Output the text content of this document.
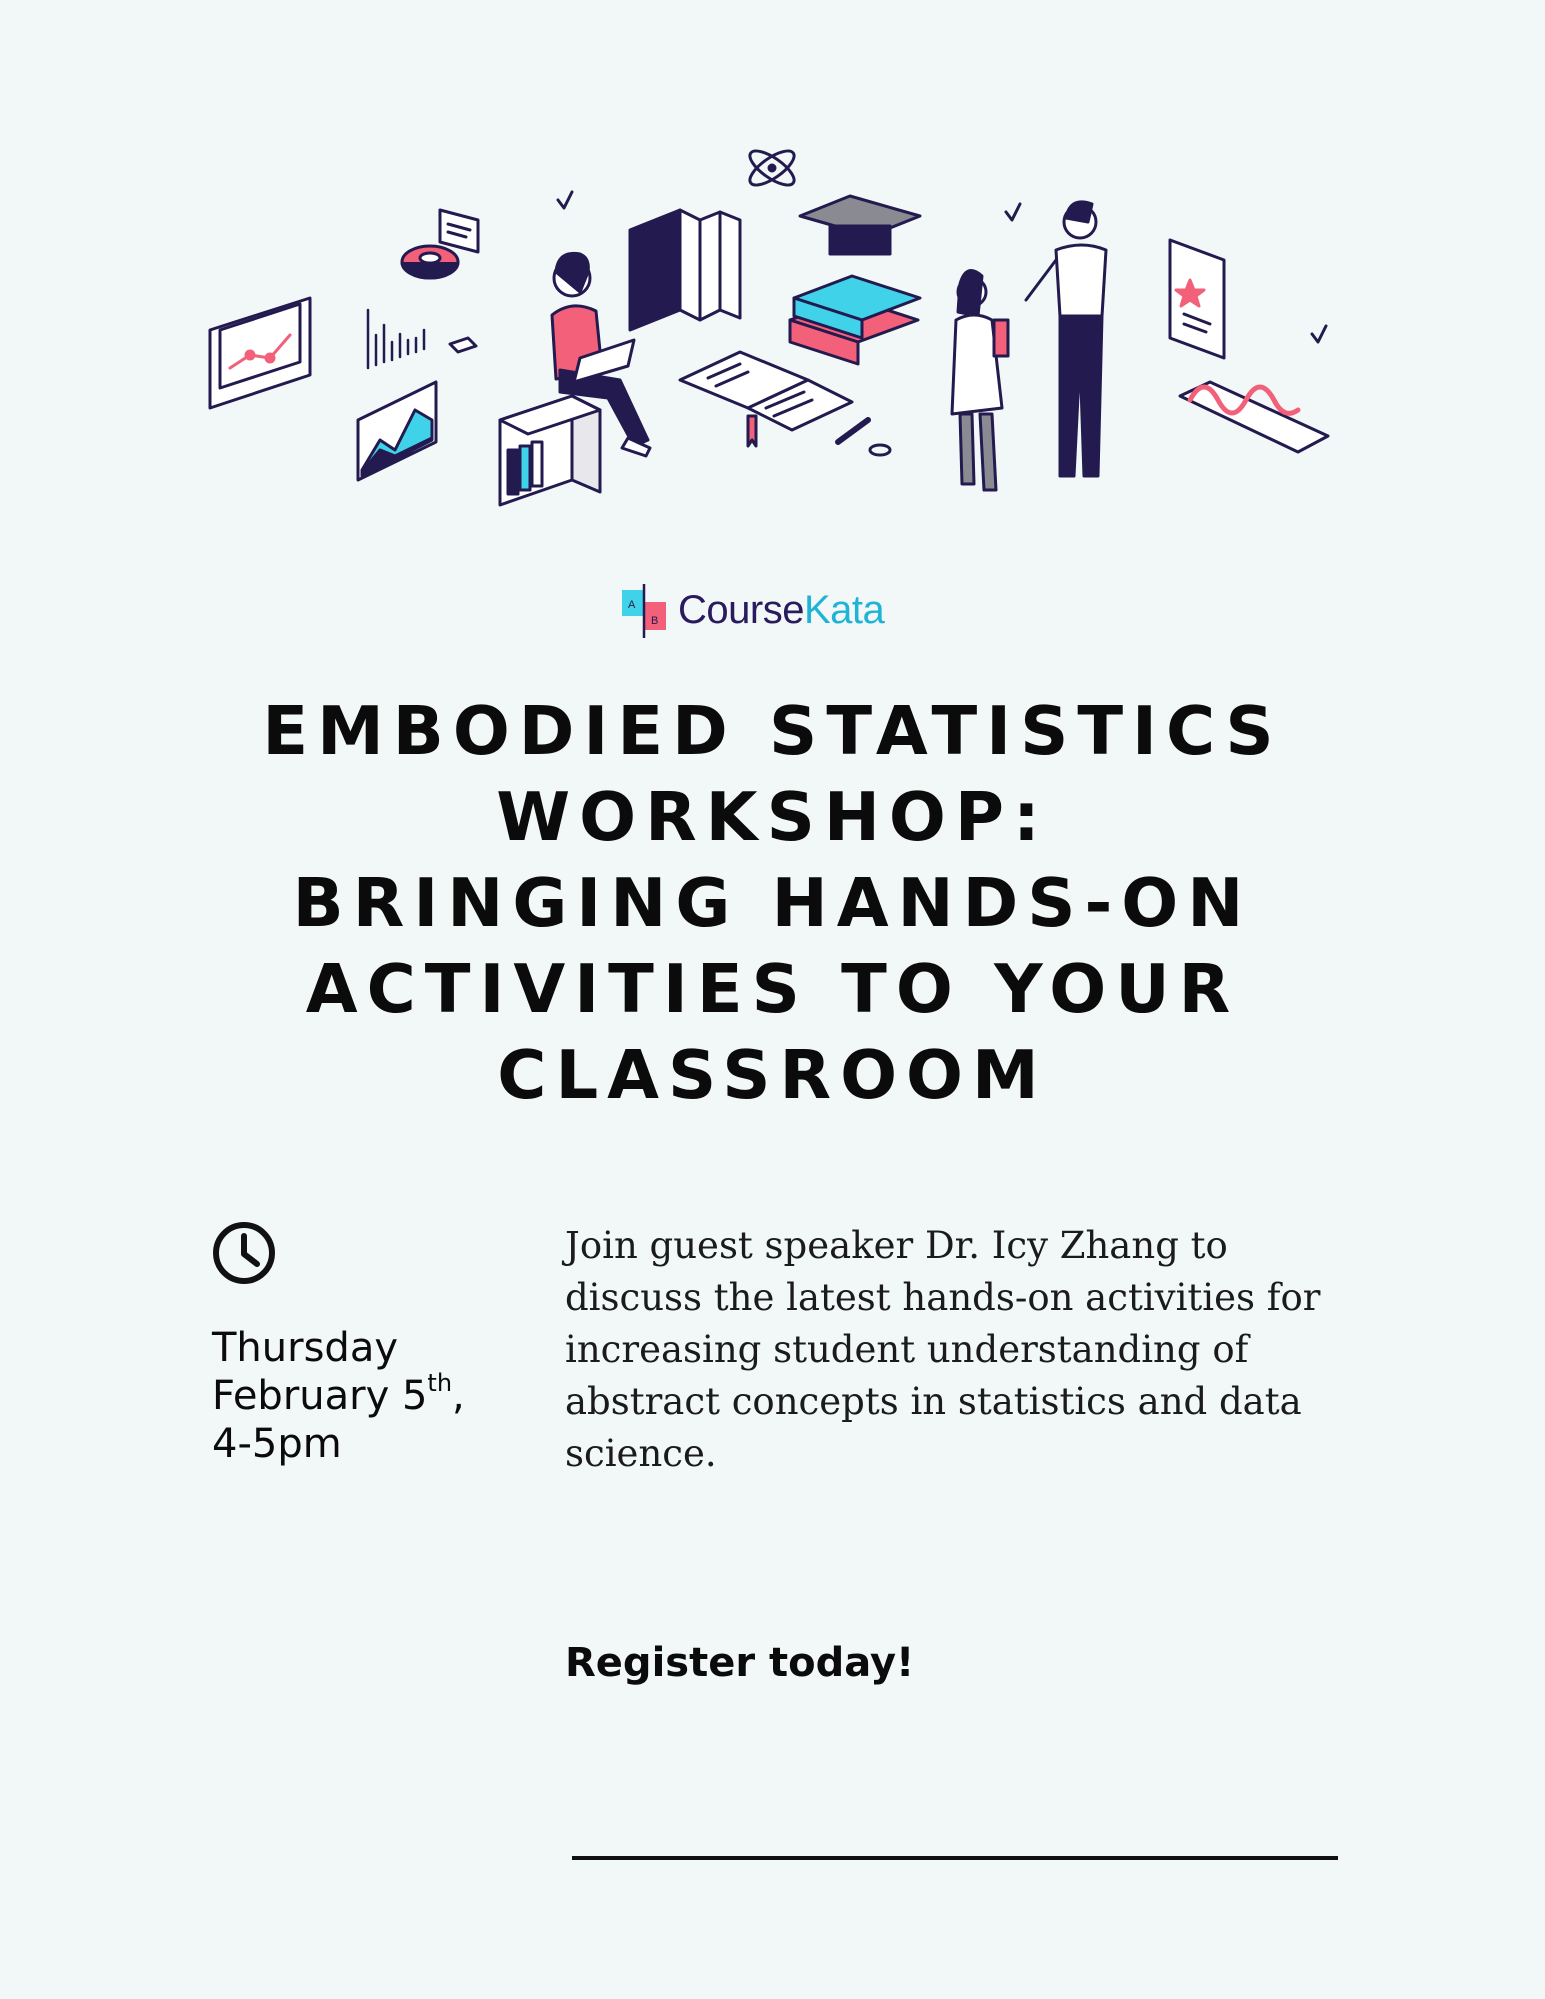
A
B CourseKata
EMBODIED STATISTICS
WORKSHOP:
BRINGING HANDS-ON
ACTIVITIES TO YOUR
CLASSROOM
Thursday
February 5th,
4-5pm

Join guest speaker Dr. Icy Zhang to discuss the latest hands-on activities for increasing student understanding of abstract concepts in statistics and data science.

Register today!
